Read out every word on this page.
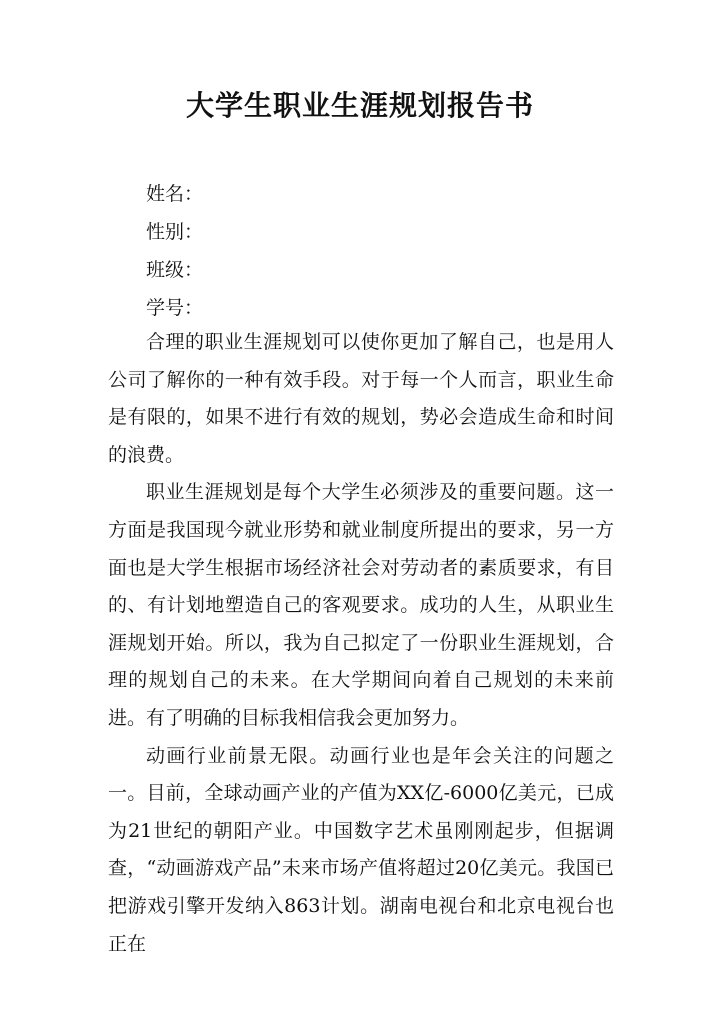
大学生职业生涯规划报告书

姓名：

性别：

班级：

学号：

合理的职业生涯规划可以使你更加了解自己，也是用人公司了解你的一种有效手段。对于每一个人而言，职业生命是有限的，如果不进行有效的规划，势必会造成生命和时间的浪费。

职业生涯规划是每个大学生必须涉及的重要问题。这一方面是我国现今就业形势和就业制度所提出的要求，另一方面也是大学生根据市场经济社会对劳动者的素质要求，有目的、有计划地塑造自己的客观要求。成功的人生，从职业生涯规划开始。所以，我为自己拟定了一份职业生涯规划，合理的规划自己的未来。在大学期间向着自己规划的未来前进。有了明确的目标我相信我会更加努力。

动画行业前景无限。动画行业也是年会关注的问题之一。目前，全球动画产业的产值为XX亿-6000亿美元，已成为21世纪的朝阳产业。中国数字艺术虽刚刚起步，但据调查，“动画游戏产品”未来市场产值将超过20亿美元。我国已把游戏引擎开发纳入863计划。湖南电视台和北京电视台也正在
